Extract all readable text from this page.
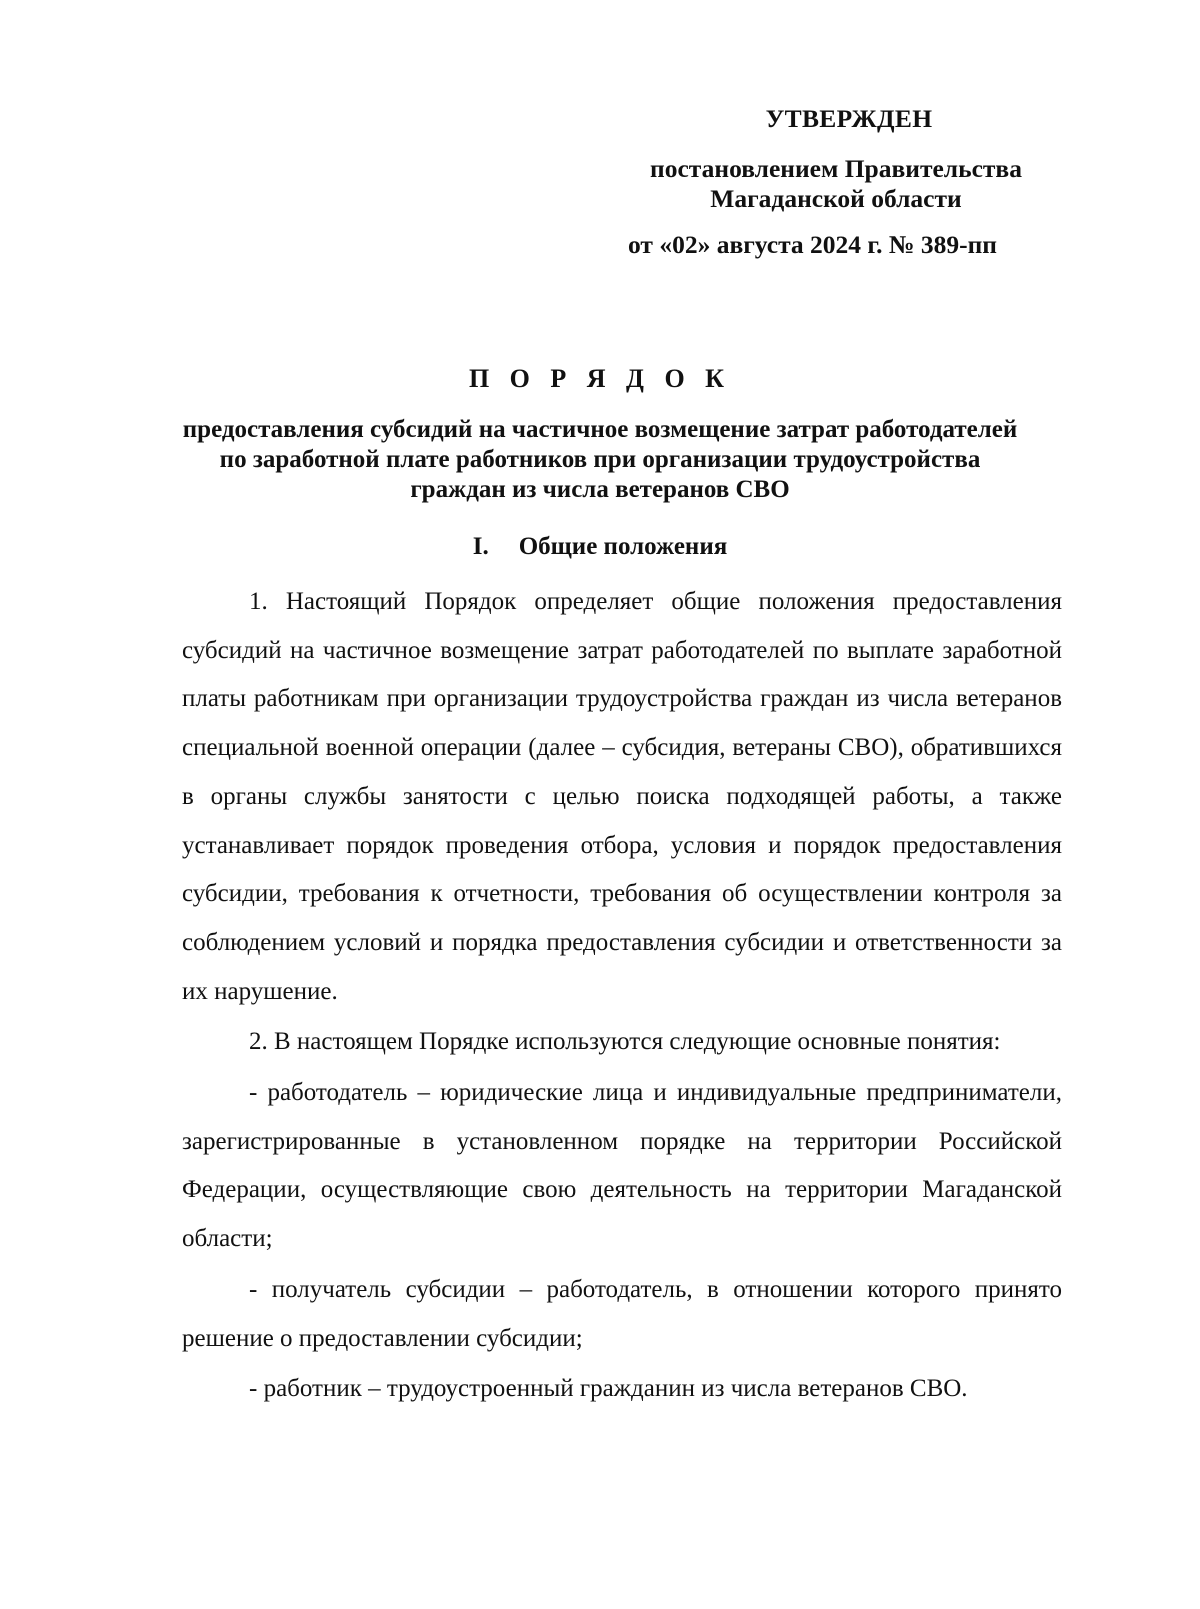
УТВЕРЖДЕН

постановлением Правительства

Магаданской области

от «02» августа 2024 г. № 389-пп

П О Р Я Д О К
предоставления субсидий на частичное возмещение затрат работодателей по заработной плате работников при организации трудоустройства граждан из числа ветеранов СВО
I. Общие положения

1. Настоящий Порядок определяет общие положения предоставления субсидий на частичное возмещение затрат работодателей по выплате заработной платы работникам при организации трудоустройства граждан из числа ветеранов специальной военной операции (далее – субсидия, ветераны СВО), обратившихся в органы службы занятости с целью поиска подходящей работы, а также устанавливает порядок проведения отбора, условия и порядок предоставления субсидии, требования к отчетности, требования об осуществлении контроля за соблюдением условий и порядка предоставления субсидии и ответственности за их нарушение.

2. В настоящем Порядке используются следующие основные понятия:

- работодатель – юридические лица и индивидуальные предприниматели, зарегистрированные в установленном порядке на территории Российской Федерации, осуществляющие свою деятельность на территории Магаданской области;

- получатель субсидии – работодатель, в отношении которого принято решение о предоставлении субсидии;

- работник – трудоустроенный гражданин из числа ветеранов СВО.
